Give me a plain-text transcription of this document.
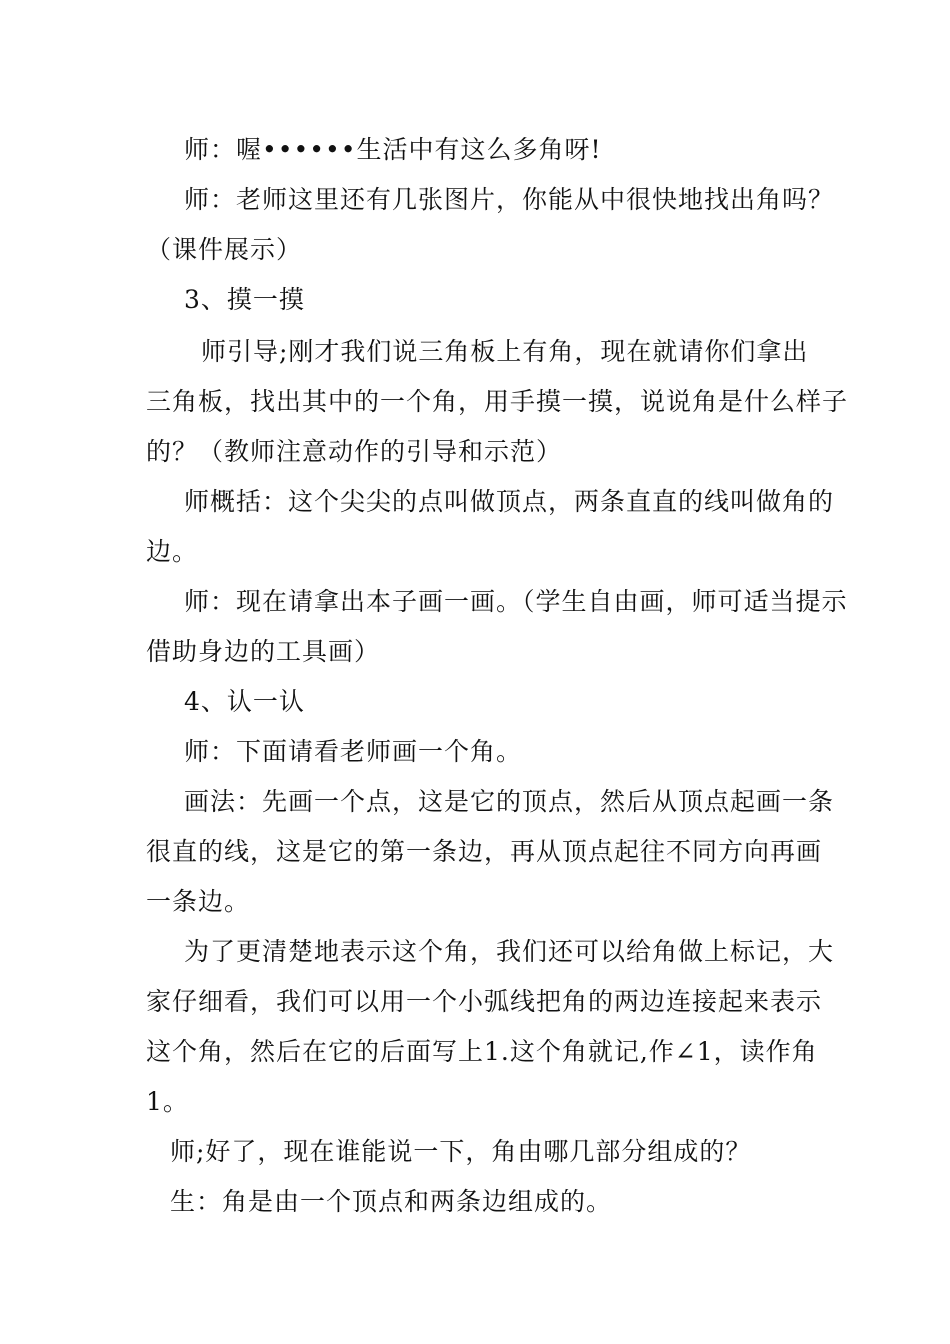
师：喔••••••生活中有这么多角呀!
师：老师这里还有几张图片，你能从中很快地找出角吗？
（课件展示）
3、摸一摸
师引导;刚才我们说三角板上有角，现在就请你们拿出
三角板，找出其中的一个角，用手摸一摸，说说角是什么样子
的？（教师注意动作的引导和示范）
师概括：这个尖尖的点叫做顶点，两条直直的线叫做角的
边。
师：现在请拿出本子画一画。（学生自由画，师可适当提示
借助身边的工具画）
4、认一认
师：下面请看老师画一个角。
画法：先画一个点，这是它的顶点，然后从顶点起画一条
很直的线，这是它的第一条边，再从顶点起往不同方向再画
一条边。
为了更清楚地表示这个角，我们还可以给角做上标记，大
家仔细看，我们可以用一个小弧线把角的两边连接起来表示
这个角，然后在它的后面写上1.这个角就记,作∠1，读作角
1。
师;好了，现在谁能说一下，角由哪几部分组成的？
生：角是由一个顶点和两条边组成的。
